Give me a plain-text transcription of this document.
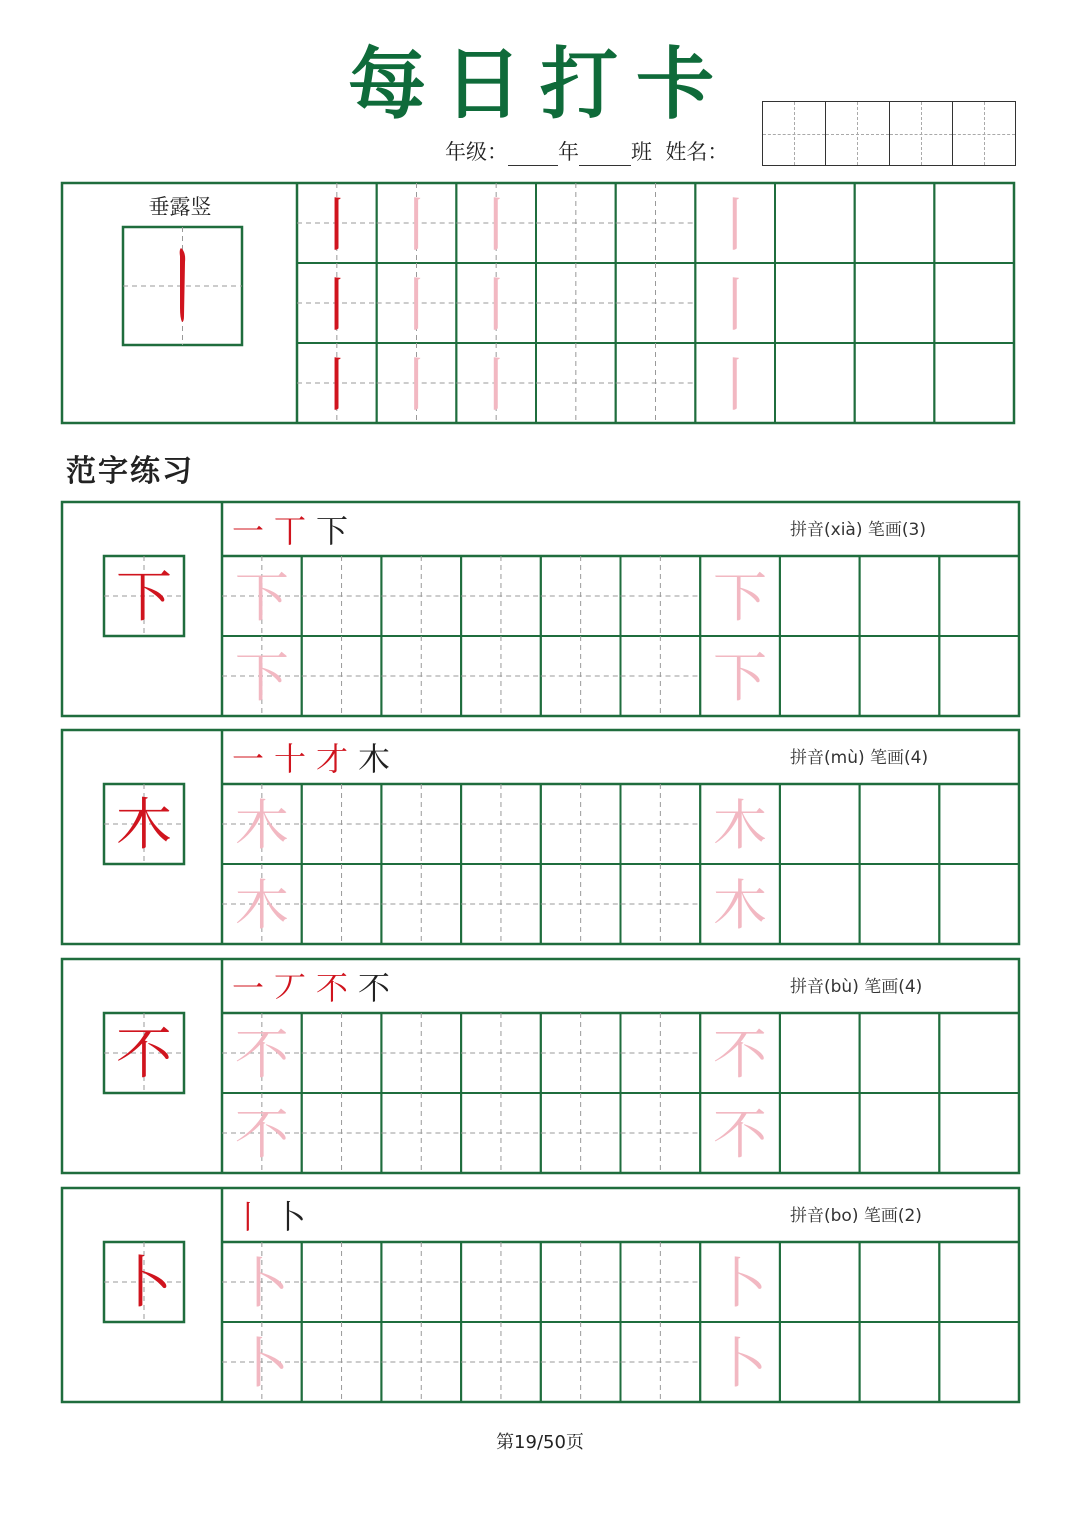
每日打卡
年级： 年 班 姓名：
垂露竖 丨 丨 丨	丨
丨 丨 丨	丨
丨 丨 丨	丨
下
一 丅 下	拼音(xià) 笔画(3)
下	下
下	下
木
一 十 才 木	拼音(mù) 笔画(4)
木	木
木	木
不
一 丆 不 不	拼音(bù) 笔画(4)
不	不
不	不
卜
丨 卜	拼音(bo) 笔画(2)
卜	卜
卜	卜
范字练习
第19/50页
